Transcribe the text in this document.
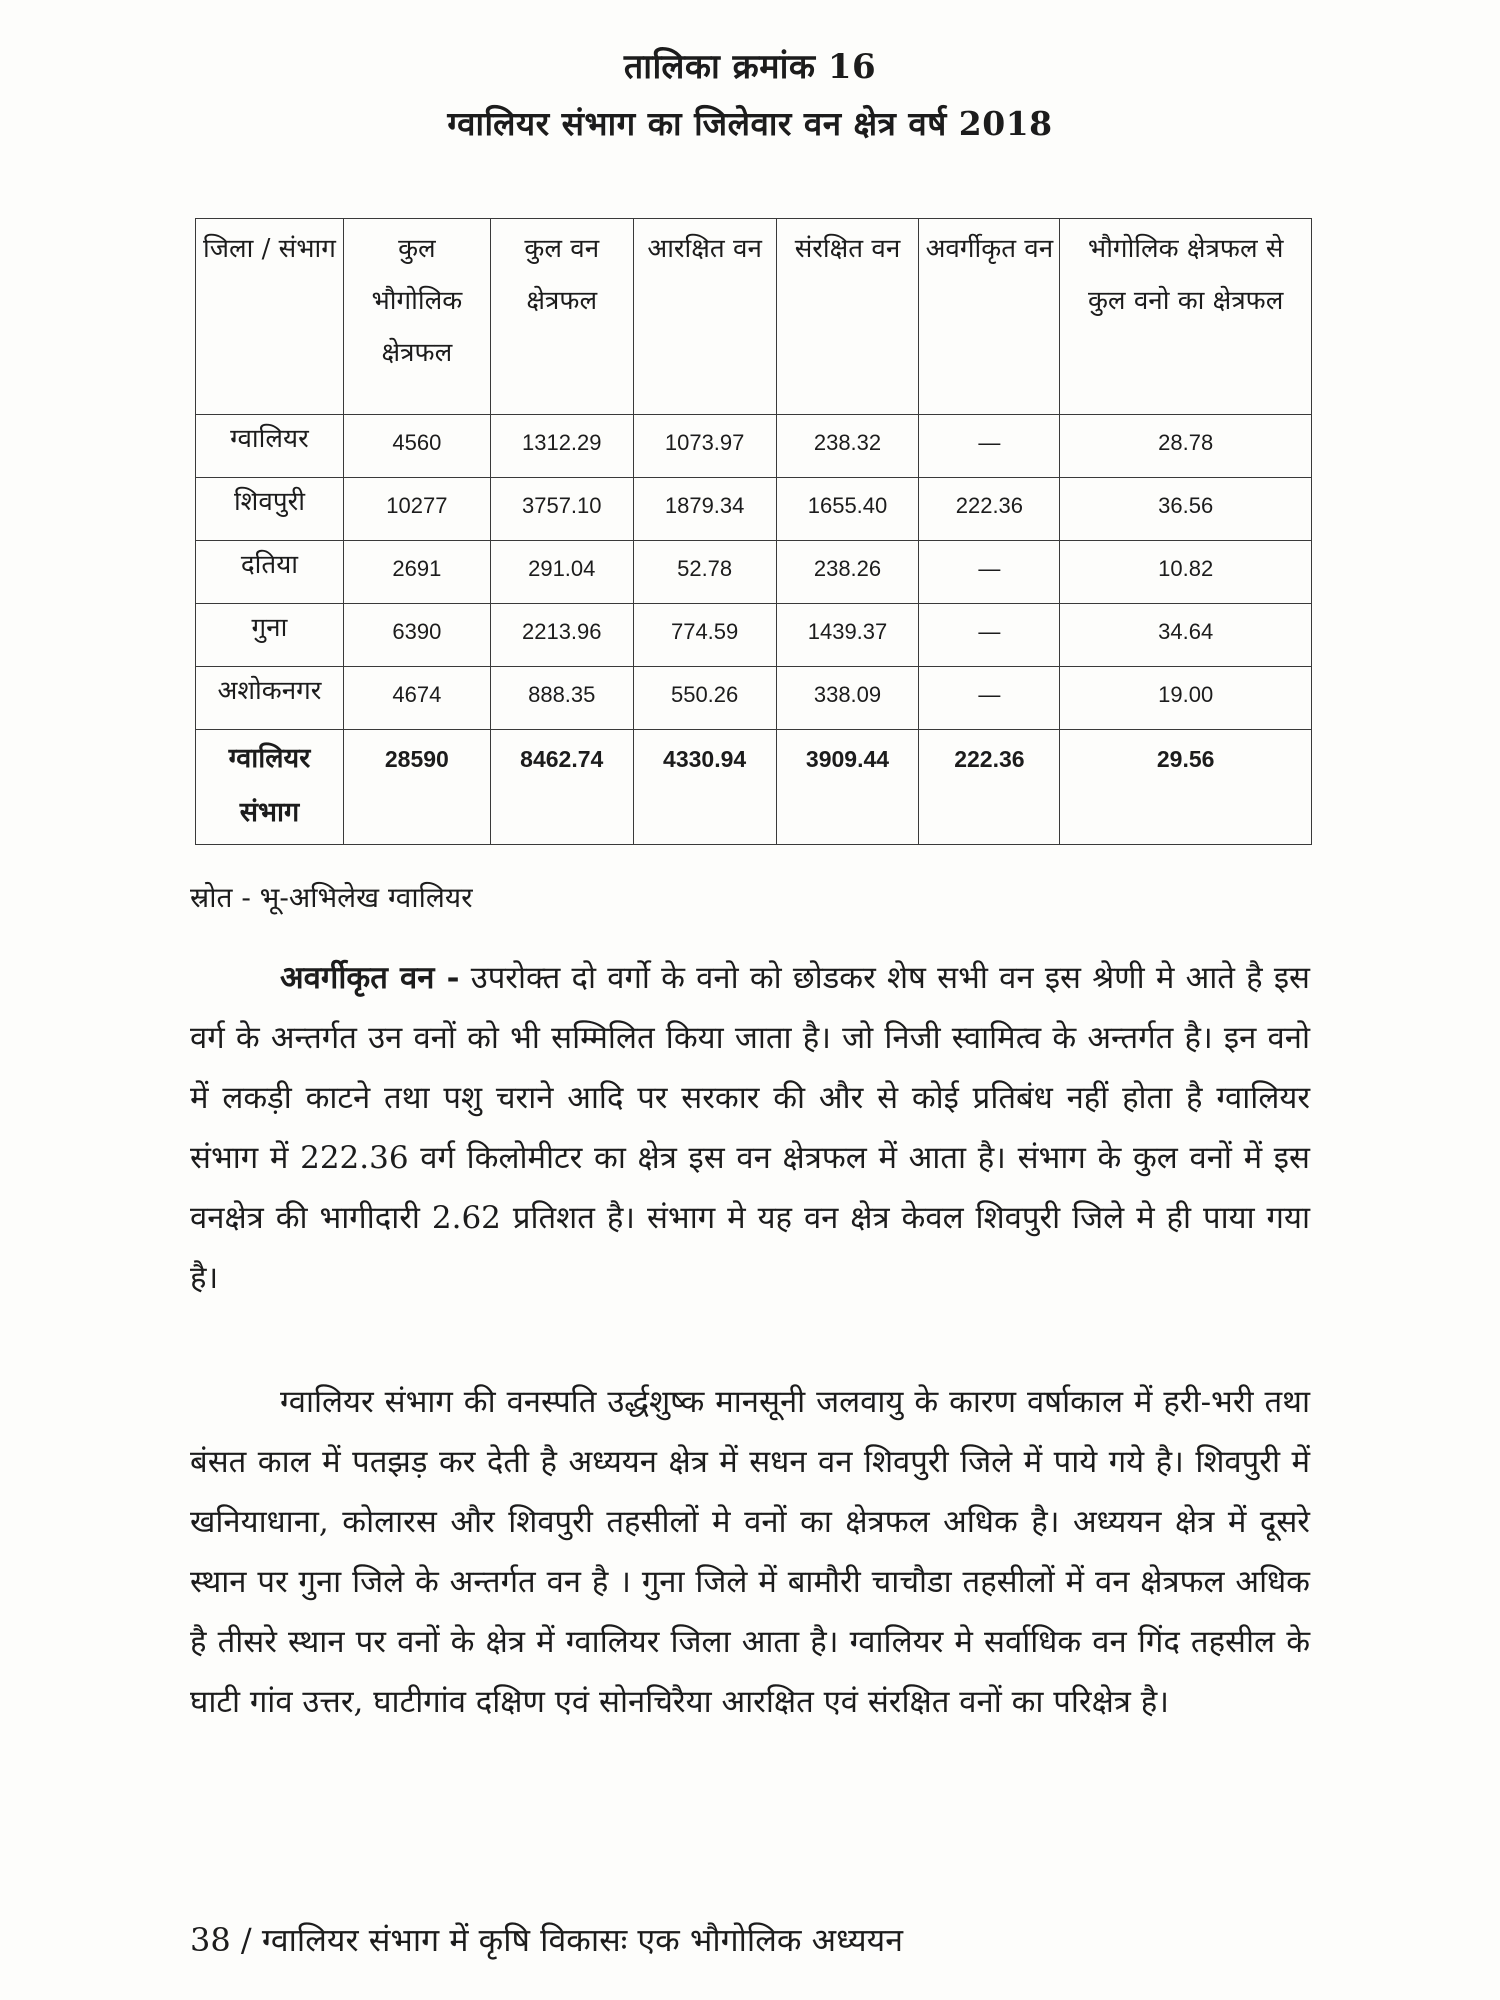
तालिका क्रमांक 16
ग्वालियर संभाग का जिलेवार वन क्षेत्र वर्ष 2018
जिला / संभाग	कुल भौगोलिक क्षेत्रफल	कुल वन क्षेत्रफल	आरक्षित वन	संरक्षित वन	अवर्गीकृत वन	भौगोलिक क्षेत्रफल से कुल वनो का क्षेत्रफल
ग्वालियर	4560	1312.29	1073.97	238.32	—	28.78
शिवपुरी	10277	3757.10	1879.34	1655.40	222.36	36.56
दतिया	2691	291.04	52.78	238.26	—	10.82
गुना	6390	2213.96	774.59	1439.37	—	34.64
अशोकनगर	4674	888.35	550.26	338.09	—	19.00
ग्वालियर संभाग	28590	8462.74	4330.94	3909.44	222.36	29.56
स्रोत - भू-अभिलेख ग्वालियर

अवर्गीकृत वन - उपरोक्त दो वर्गो के वनो को छोडकर शेष सभी वन इस श्रेणी मे आते है इस वर्ग के अन्तर्गत उन वनों को भी सम्मिलित किया जाता है। जो निजी स्वामित्व के अन्तर्गत है। इन वनो में लकड़ी काटने तथा पशु चराने आदि पर सरकार की और से कोई प्रतिबंध नहीं होता है ग्वालियर संभाग में 222.36 वर्ग किलोमीटर का क्षेत्र इस वन क्षेत्रफल में आता है। संभाग के कुल वनों में इस वनक्षेत्र की भागीदारी 2.62 प्रतिशत है। संभाग मे यह वन क्षेत्र केवल शिवपुरी जिले मे ही पाया गया है।

ग्वालियर संभाग की वनस्पति उर्द्धशुष्क मानसूनी जलवायु के कारण वर्षाकाल में हरी-भरी तथा बंसत काल में पतझड़ कर देती है अध्ययन क्षेत्र में सधन वन शिवपुरी जिले में पाये गये है। शिवपुरी में खनियाधाना, कोलारस और शिवपुरी तहसीलों मे वनों का क्षेत्रफल अधिक है। अध्ययन क्षेत्र में दूसरे स्थान पर गुना जिले के अन्तर्गत वन है । गुना जिले में बामौरी चाचौडा तहसीलों में वन क्षेत्रफल अधिक है तीसरे स्थान पर वनों के क्षेत्र में ग्वालियर जिला आता है। ग्वालियर मे सर्वाधिक वन गिंद तहसील के घाटी गांव उत्तर, घाटीगांव दक्षिण एवं सोनचिरैया आरक्षित एवं संरक्षित वनों का परिक्षेत्र है।

38 / ग्वालियर संभाग में कृषि विकासः एक भौगोलिक अध्ययन
